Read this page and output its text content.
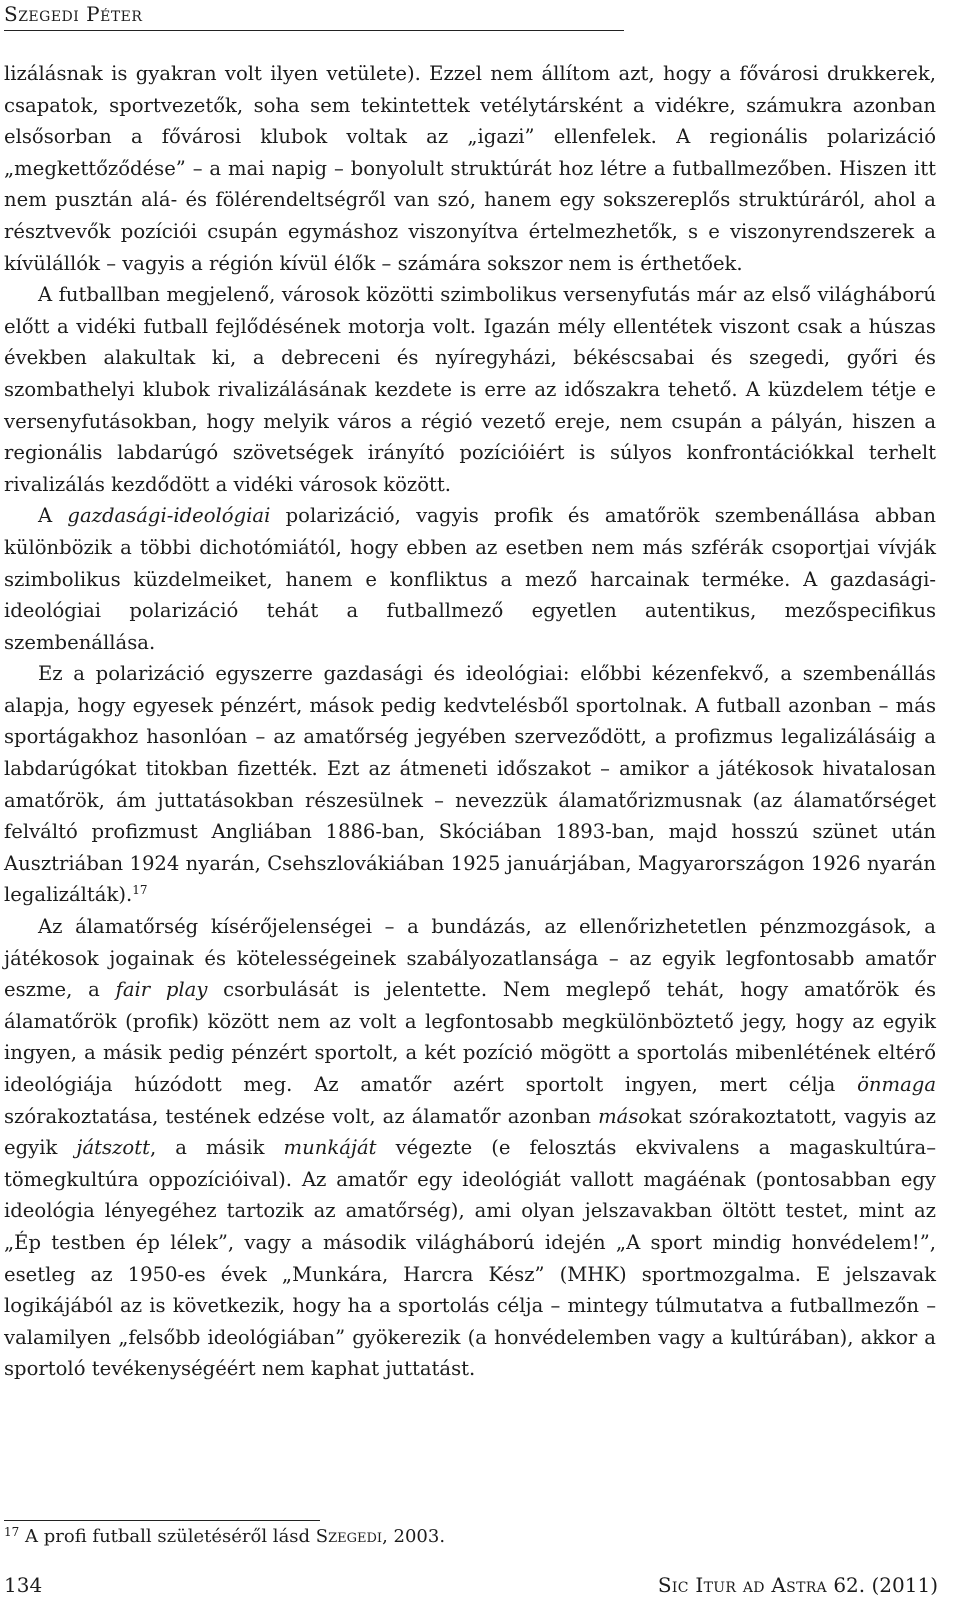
Szegedi Péter

lizálásnak is gyakran volt ilyen vetülete). Ezzel nem állítom azt, hogy a fővárosi drukkerek, csapatok, sportvezetők, soha sem tekintettek vetélytársként a vidékre, számukra azonban elsősorban a fővárosi klubok voltak az „igazi” ellenfelek. A regionális polarizáció „megkettőződése” – a mai napig – bonyolult struktúrát hoz létre a futballmezőben. Hiszen itt nem pusztán alá- és fölérendeltségről van szó, hanem egy sokszereplős struktúráról, ahol a résztvevők pozíciói csupán egymáshoz viszonyítva értelmezhetők, s e viszonyrendszerek a kívülállók – vagyis a régión kívül élők – számára sokszor nem is érthetőek.

A futballban megjelenő, városok közötti szimbolikus versenyfutás már az első világháború előtt a vidéki futball fejlődésének motorja volt. Igazán mély ellentétek viszont csak a húszas években alakultak ki, a debreceni és nyíregyházi, békéscsabai és szegedi, győri és szombathelyi klubok rivalizálásának kezdete is erre az időszakra tehető. A küzdelem tétje e versenyfutásokban, hogy melyik város a régió vezető ereje, nem csupán a pályán, hiszen a regionális labdarúgó szövetségek irányító pozícióiért is súlyos konfrontációkkal terhelt rivalizálás kezdődött a vidéki városok között.

A gazdasági-ideológiai polarizáció, vagyis profik és amatőrök szembenállása abban különbözik a többi dichotómiától, hogy ebben az esetben nem más szférák csoportjai vívják szimbolikus küzdelmeiket, hanem e konfliktus a mező harcainak terméke. A gazdasági-ideológiai polarizáció tehát a futballmező egyetlen autentikus, mezőspecifikus szembenállása.

Ez a polarizáció egyszerre gazdasági és ideológiai: előbbi kézenfekvő, a szembenállás alapja, hogy egyesek pénzért, mások pedig kedvtelésből sportolnak. A futball azonban – más sportágakhoz hasonlóan – az amatőrség jegyében szerveződött, a profizmus legalizálásáig a labdarúgókat titokban fizették. Ezt az átmeneti időszakot – amikor a játékosok hivatalosan amatőrök, ám juttatásokban részesülnek – nevezzük álamatőrizmusnak (az álamatőrséget felváltó profizmust Angliában 1886-ban, Skóciában 1893-ban, majd hosszú szünet után Ausztriában 1924 nyarán, Csehszlovákiában 1925 januárjában, Magyarországon 1926 nyarán legalizálták).$^{17}$

Az álamatőrség kísérőjelenségei – a bundázás, az ellenőrizhetetlen pénzmozgások, a játékosok jogainak és kötelességeinek szabályozatlansága – az egyik legfontosabb amatőr eszme, a fair play csorbulását is jelentette. Nem meglepő tehát, hogy amatőrök és álamatőrök (profik) között nem az volt a legfontosabb megkülönböztető jegy, hogy az egyik ingyen, a másik pedig pénzért sportolt, a két pozíció mögött a sportolás mibenlétének eltérő ideológiája húzódott meg. Az amatőr azért sportolt ingyen, mert célja önmaga szórakoztatása, testének edzése volt, az álamatőr azonban másokat szórakoztatott, vagyis az egyik játszott, a másik munkáját végezte (e felosztás ekvivalens a magaskultúra–tömegkultúra oppozícióival). Az amatőr egy ideológiát vallott magáénak (pontosabban egy ideológia lényegéhez tartozik az amatőrség), ami olyan jelszavakban öltött testet, mint az „Ép testben ép lélek”, vagy a második világháború idején „A sport mindig honvédelem!”, esetleg az 1950-es évek „Munkára, Harcra Kész” (MHK) sportmozgalma. E jelszavak logikájából az is következik, hogy ha a sportolás célja – mintegy túlmutatva a futballmezőn – valamilyen „felsőbb ideológiában” gyökerezik (a honvédelemben vagy a kultúrában), akkor a sportoló tevékenységéért nem kaphat juttatást.

$^{17}$ A profi futball születéséről lásd Szegedi, 2003.
134	Sic Itur ad Astra 62. (2011)
